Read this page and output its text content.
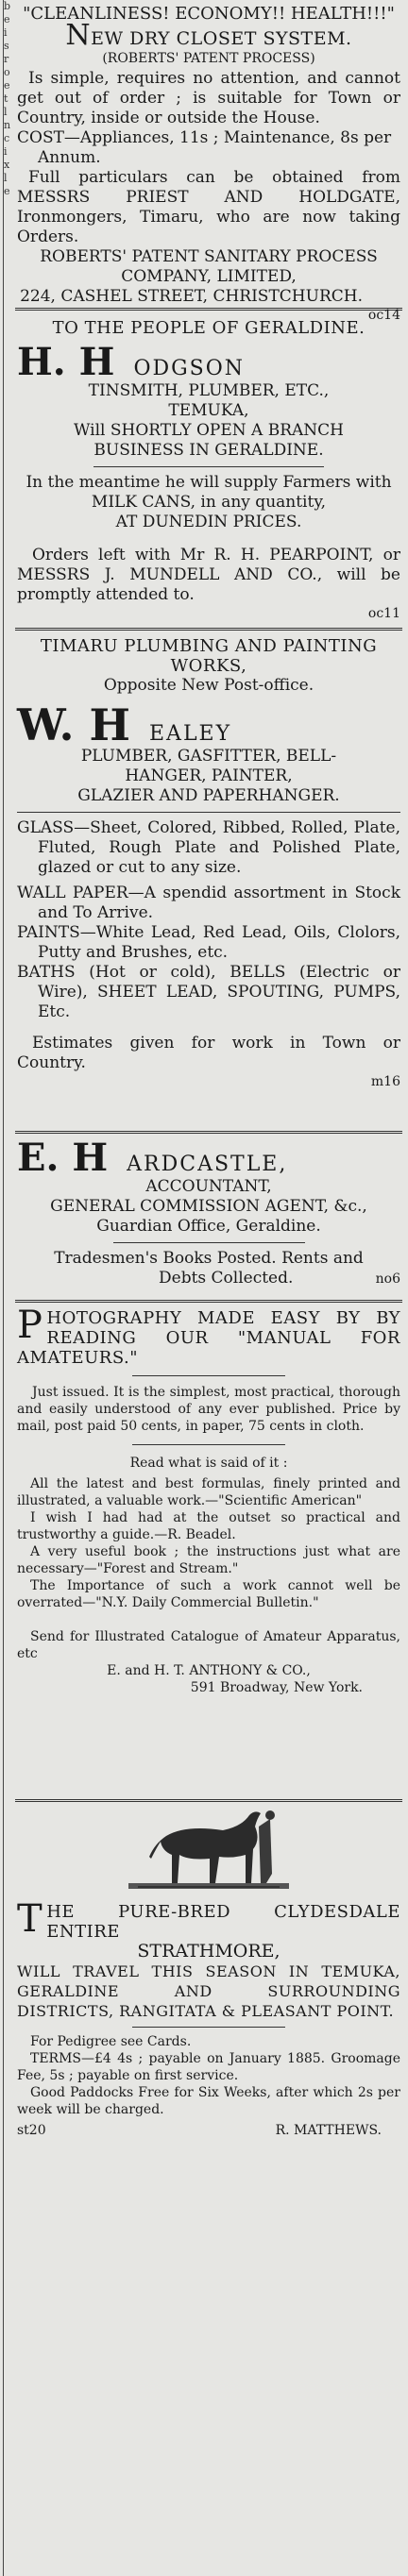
b
e
i
s
r
o
e
t
l
n
c
i
x
l
e

"CLEANLINESS! ECONOMY!! HEALTH!!!"

NEW DRY CLOSET SYSTEM.

(ROBERTS' PATENT PROCESS)

Is simple, requires no attention, and cannot get out of order ; is suitable for Town or Country, inside or outside the House.

COST—Appliances, 11s ; Maintenance, 8s per Annum.

Full particulars can be obtained from MESSRS PRIEST AND HOLDGATE, Ironmongers, Timaru, who are now taking Orders.

ROBERTS' PATENT SANITARY PROCESS COMPANY, LIMITED,

224, CASHEL STREET, CHRISTCHURCH.

oc14

TO THE PEOPLE OF GERALDINE.

H. H ODGSON

TINSMITH, PLUMBER, ETC.,

TEMUKA,

Will SHORTLY OPEN A BRANCH

BUSINESS IN GERALDINE.

In the meantime he will supply Farmers with MILK CANS, in any quantity,

AT DUNEDIN PRICES.

Orders left with Mr R. H. PEARPOINT, or MESSRS J. MUNDELL AND CO., will be promptly attended to.

oc11

TIMARU PLUMBING AND PAINTING WORKS,

Opposite New Post-office.

W. H EALEY

PLUMBER, GASFITTER, BELL-

HANGER, PAINTER,

GLAZIER AND PAPERHANGER.

GLASS—Sheet, Colored, Ribbed, Rolled, Plate, Fluted, Rough Plate and Polished Plate, glazed or cut to any size.

WALL PAPER—A spendid assortment in Stock and To Arrive.

PAINTS—White Lead, Red Lead, Oils, Clolors, Putty and Brushes, etc.

BATHS (Hot or cold), BELLS (Electric or Wire), SHEET LEAD, SPOUTING, PUMPS, Etc.

Estimates given for work in Town or Country.

m16

E. H ARDCASTLE,

ACCOUNTANT,

GENERAL COMMISSION AGENT, &c.,

Guardian Office, Geraldine.

Tradesmen's Books Posted. Rents and

Debts Collected.	no6

PHOTOGRAPHY MADE EASY BY BY READING OUR "MANUAL FOR AMATEURS."

Just issued. It is the simplest, most practical, thorough and easily understood of any ever published. Price by mail, post paid 50 cents, in paper, 75 cents in cloth.

Read what is said of it :

All the latest and best formulas, finely printed and illustrated, a valuable work.—"Scientific American"

I wish I had had at the outset so practical and trustworthy a guide.—R. Beadel.

A very useful book ; the instructions just what are necessary—"Forest and Stream."

The Importance of such a work cannot well be overrated—"N.Y. Daily Commercial Bulletin."

Send for Illustrated Catalogue of Amateur Apparatus, etc

E. and H. T. ANTHONY & CO.,

591 Broadway, New York.

THE PURE-BRED CLYDESDALE ENTIRE

STRATHMORE,

WILL TRAVEL THIS SEASON IN TEMUKA, GERALDINE AND SURROUNDING DISTRICTS, RANGITATA & PLEASANT POINT.

For Pedigree see Cards.

TERMS—£4 4s ; payable on January 1885. Groomage Fee, 5s ; payable on first service.

Good Paddocks Free for Six Weeks, after which 2s per week will be charged.

st20	R. MATTHEWS.
